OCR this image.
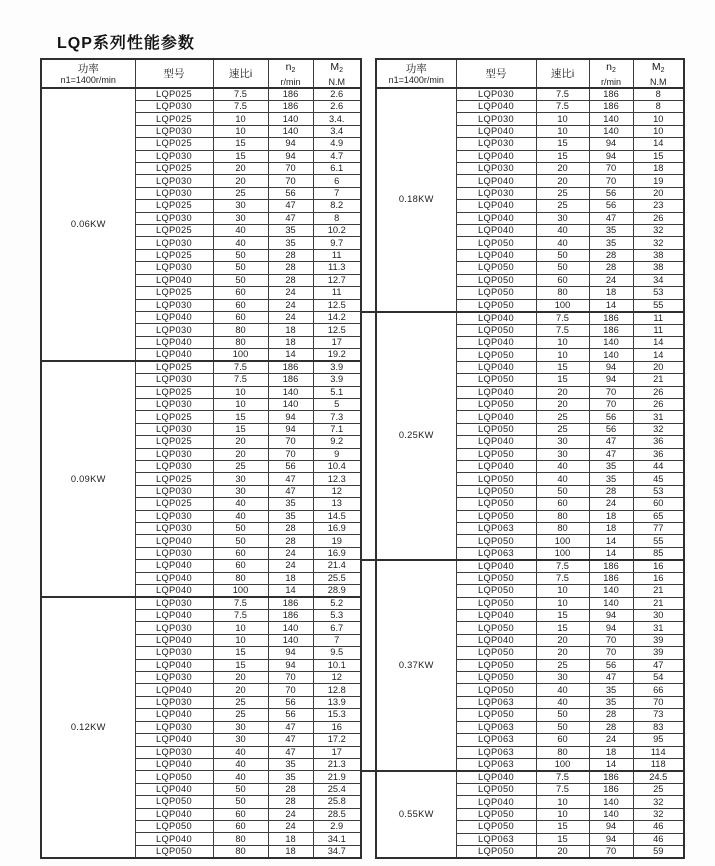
LQP系列性能参数
功率
n1=1400r/min	型号	速比i

$n_2$
r/min

$M_2$
N.M

0.06KW	LQP025	7.5	186	2.6
	LQP030	7.5	186	2.6
	LQP025	10	140	3.4.
	LQP030	10	140	3.4
	LQP025	15	94	4.9
	LQP030	15	94	4.7
	LQP025	20	70	6.1
	LQP030	20	70	6
	LQP030	25	56	7
	LQP025	30	47	8.2
	LQP030	30	47	8
	LQP025	40	35	10.2
	LQP030	40	35	9.7
	LQP025	50	28	11
	LQP030	50	28	11.3
	LQP040	50	28	12.7
	LQP025	60	24	11
	LQP030	60	24	12.5
	LQP040	60	24	14.2
	LQP030	80	18	12.5
	LQP040	80	18	17
	LQP040	100	14	19.2
0.09KW	LQP025	7.5	186	3.9
	LQP030	7.5	186	3.9
	LQP025	10	140	5.1
	LQP030	10	140	5
	LQP025	15	94	7.3
	LQP030	15	94	7.1
	LQP025	20	70	9.2
	LQP030	20	70	9
	LQP030	25	56	10.4
	LQP025	30	47	12.3
	LQP030	30	47	12
	LQP025	40	35	13
	LQP030	40	35	14.5
	LQP030	50	28	16.9
	LQP040	50	28	19
	LQP030	60	24	16.9
	LQP040	60	24	21.4
	LQP040	80	18	25.5
	LQP040	100	14	28.9
0.12KW	LQP030	7.5	186	5.2
	LQP040	7.5	186	5.3
	LQP030	10	140	6.7
	LQP040	10	140	7
	LQP030	15	94	9.5
	LQP040	15	94	10.1
	LQP030	20	70	12
	LQP040	20	70	12.8
	LQP030	25	56	13.9
	LQP040	25	56	15.3
	LQP030	30	47	16
	LQP040	30	47	17.2
	LQP030	40	47	17
	LQP040	40	35	21.3
	LQP050	40	35	21.9
	LQP040	50	28	25.4
	LQP050	50	28	25.8
	LQP040	60	24	28.5
	LQP050	60	24	2.9
	LQP040	80	18	34.1
	LQP050	80	18	34.7
功率
n1=1400r/min	型号	速比i

$n_2$
r/min

$M_2$
N.M

0.18KW	LQP030	7.5	186	8
	LQP040	7.5	186	8
	LQP030	10	140	10
	LQP040	10	140	10
	LQP030	15	94	14
	LQP040	15	94	15
	LQP030	20	70	18
	LQP040	20	70	19
	LQP030	25	56	20
	LQP040	25	56	23
	LQP040	30	47	26
	LQP040	40	35	32
	LQP050	40	35	32
	LQP040	50	28	38
	LQP050	50	28	38
	LQP050	60	24	34
	LQP050	80	18	53
	LQP050	100	14	55
0.25KW	LQP040	7.5	186	11
	LQP050	7.5	186	11
	LQP040	10	140	14
	LQP050	10	140	14
	LQP040	15	94	20
	LQP050	15	94	21
	LQP040	20	70	26
	LQP050	20	70	26
	LQP040	25	56	31
	LQP050	25	56	32
	LQP040	30	47	36
	LQP050	30	47	36
	LQP040	40	35	44
	LQP050	40	35	45
	LQP050	50	28	53
	LQP050	60	24	60
	LQP050	80	18	65
	LQP063	80	18	77
	LQP050	100	14	55
	LQP063	100	14	85
0.37KW	LQP040	7.5	186	16
	LQP050	7.5	186	16
	LQP050	10	140	21
	LQP050	10	140	21
	LQP040	15	94	30
	LQP050	15	94	31
	LQP040	20	70	39
	LQP050	20	70	39
	LQP050	25	56	47
	LQP050	30	47	54
	LQP050	40	35	66
	LQP063	40	35	70
	LQP050	50	28	73
	LQP063	50	28	83
	LQP063	60	24	95
	LQP063	80	18	114
	LQP063	100	14	118
0.55KW	LQP040	7.5	186	24.5
	LQP050	7.5	186	25
	LQP040	10	140	32
	LQP050	10	140	32
	LQP050	15	94	46
	LQP063	15	94	46
	LQP050	20	70	59
